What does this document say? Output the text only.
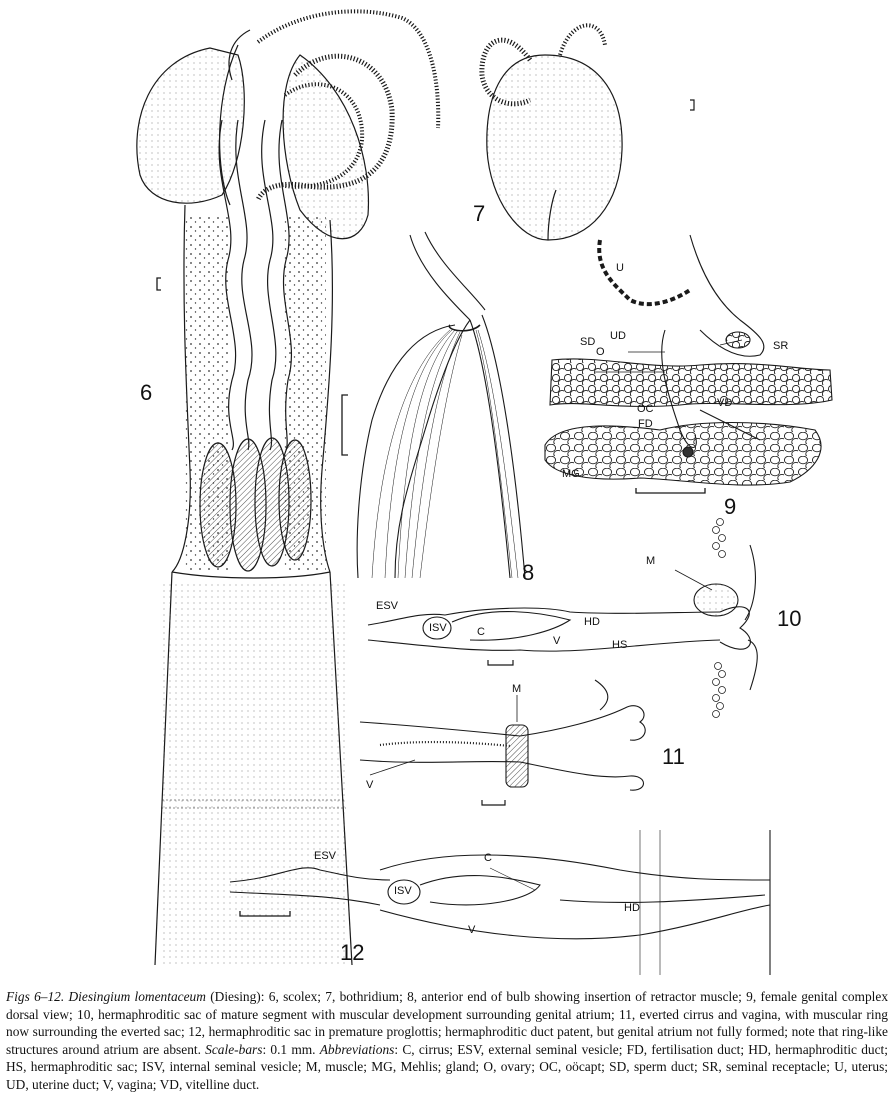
6
7
8
9
10
11
12
U
SD UD
SR
O
OC	VD
FD
MG
M
ESV
ISV	C
HD
V	HS
M
V
ESV	C
ISV
HD
V
Figs 6–12. Diesingium lomentaceum (Diesing): 6, scolex; 7, bothridium; 8, anterior end of bulb showing insertion of retractor muscle; 9, female genital complex dorsal view; 10, hermaphroditic sac of mature segment with muscular development surrounding genital atrium; 11, everted cirrus and vagina, with muscular ring now surrounding the everted sac; 12, hermaphroditic sac in premature proglottis; hermaphroditic duct patent, but genital atrium not fully formed; note that ring-like structures around atrium are absent. Scale-bars: 0.1 mm. Abbreviations: C, cirrus; ESV, external seminal vesicle; FD, fertilisation duct; HD, hermaphroditic duct; HS, hermaphroditic sac; ISV, internal seminal vesicle; M, muscle; MG, Mehlis; gland; O, ovary; OC, oöcapt; SD, sperm duct; SR, seminal receptacle; U, uterus; UD, uterine duct; V, vagina; VD, vitelline duct.
